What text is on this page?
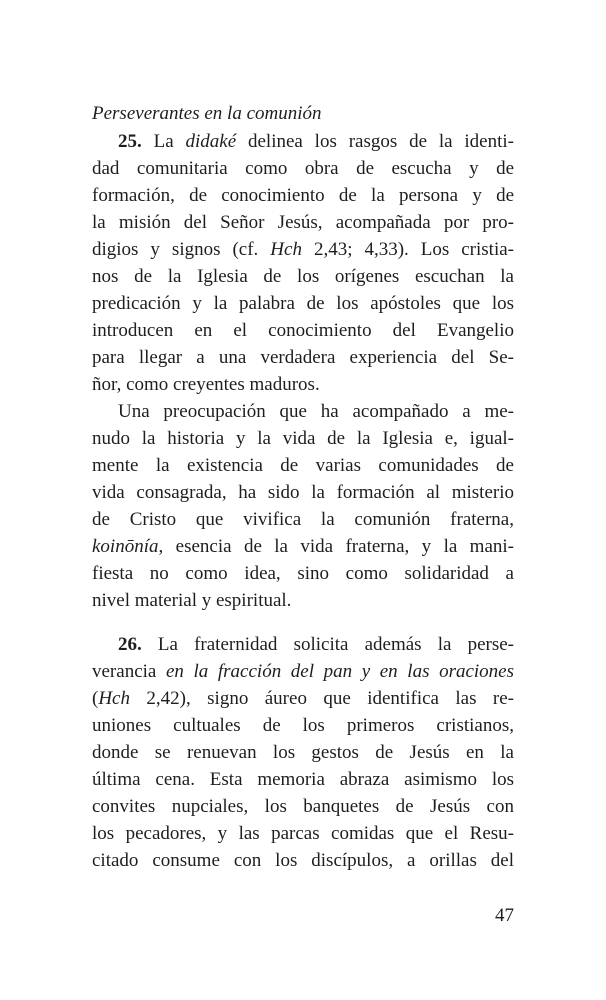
Perseverantes en la comunión
25. La didaké delinea los rasgos de la identi-
dad comunitaria como obra de escucha y de
formación, de conocimiento de la persona y de
la misión del Señor Jesús, acompañada por pro-
digios y signos (cf. Hch 2,43; 4,33). Los cristia-
nos de la Iglesia de los orígenes escuchan la
predicación y la palabra de los apóstoles que los
introducen en el conocimiento del Evangelio
para llegar a una verdadera experiencia del Se-
ñor, como creyentes maduros.
Una preocupación que ha acompañado a me-
nudo la historia y la vida de la Iglesia e, igual-
mente la existencia de varias comunidades de
vida consagrada, ha sido la formación al misterio
de Cristo que vivifica la comunión fraterna,
koinōnía, esencia de la vida fraterna, y la mani-
fiesta no como idea, sino como solidaridad a
nivel material y espiritual.
26. La fraternidad solicita además la perse-
verancia en la fracción del pan y en las oraciones
(Hch 2,42), signo áureo que identifica las re-
uniones cultuales de los primeros cristianos,
donde se renuevan los gestos de Jesús en la
última cena. Esta memoria abraza asimismo los
convites nupciales, los banquetes de Jesús con
los pecadores, y las parcas comidas que el Resu-
citado consume con los discípulos, a orillas del
47
